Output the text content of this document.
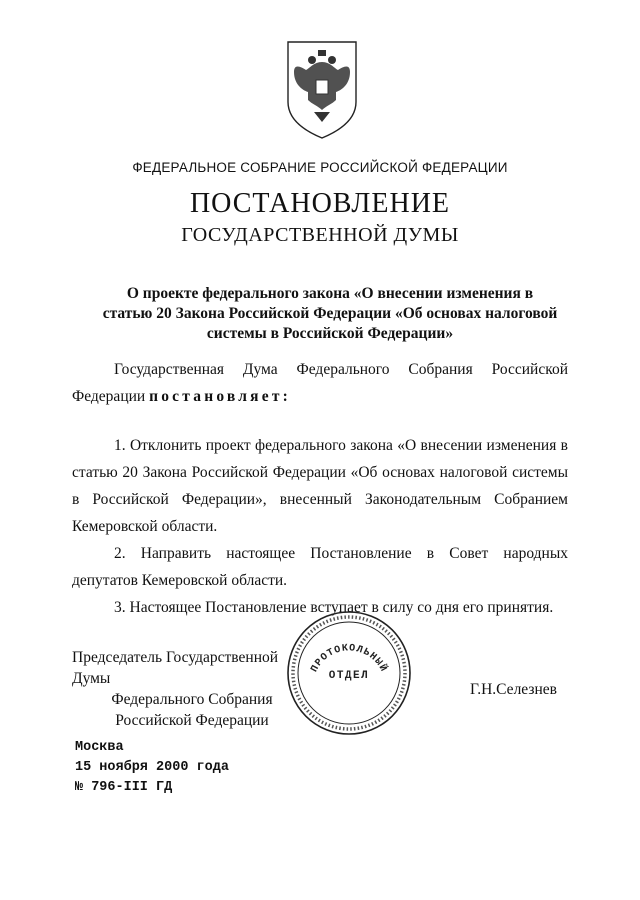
ФЕДЕРАЛЬНОЕ СОБРАНИЕ РОССИЙСКОЙ ФЕДЕРАЦИИ
ПОСТАНОВЛЕНИЕ
ГОСУДАРСТВЕННОЙ ДУМЫ
О проекте федерального закона «О внесении изменения в
статью 20 Закона Российской Федерации «Об основах налоговой
системы в Российской Федерации»
Государственная Дума Федерального Собрания Российской Федерации постановляет:

1. Отклонить проект федерального закона «О внесении изменения в статью 20 Закона Российской Федерации «Об основах налоговой системы в Российской Федерации», внесенный Законодательным Собранием Кемеровской области.

2. Направить настоящее Постановление в Совет народных депутатов Кемеровской области.

3. Настоящее Постановление вступает в силу со дня его принятия.

Председатель Государственной Думы
Федерального Собрания
Российской Федерации
ПРОТОКОЛЬНЫЙ
ОТДЕЛ
Г.Н.Селезнев
Москва
15 ноября 2000 года
№ 796-III ГД
